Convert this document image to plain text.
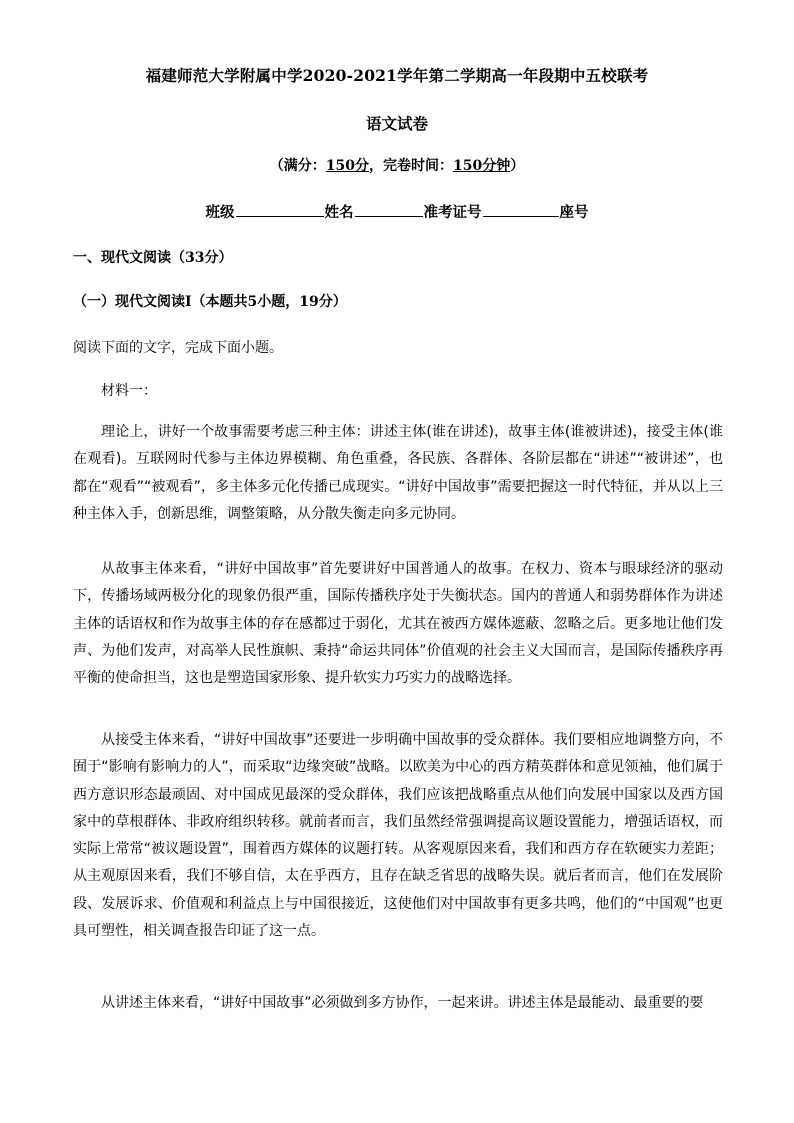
福建师范大学附属中学2020-2021学年第二学期高一年段期中五校联考
语文试卷
（满分：150分，完卷时间：150分钟）
班级	姓名	准考证号	座号
一、现代文阅读（33分）
（一）现代文阅读Ⅰ（本题共5小题，19分）
阅读下面的文字，完成下面小题。
材料一：
理论上，讲好一个故事需要考虑三种主体：讲述主体(谁在讲述)，故事主体(谁被讲述)，接受主体(谁在观看)。互联网时代参与主体边界模糊、角色重叠，各民族、各群体、各阶层都在“讲述”“被讲述”，也都在“观看”“被观看”，多主体多元化传播已成现实。“讲好中国故事”需要把握这一时代特征，并从以上三种主体入手，创新思维，调整策略，从分散失衡走向多元协同。
从故事主体来看，“讲好中国故事”首先要讲好中国普通人的故事。在权力、资本与眼球经济的驱动下，传播场域两极分化的现象仍很严重，国际传播秩序处于失衡状态。国内的普通人和弱势群体作为讲述主体的话语权和作为故事主体的存在感都过于弱化，尤其在被西方媒体遮蔽、忽略之后。更多地让他们发声、为他们发声，对高举人民性旗帜、秉持“命运共同体”价值观的社会主义大国而言，是国际传播秩序再平衡的使命担当，这也是塑造国家形象、提升软实力巧实力的战略选择。
从接受主体来看，“讲好中国故事”还要进一步明确中国故事的受众群体。我们要相应地调整方向，不囿于“影响有影响力的人”，而采取“边缘突破”战略。以欧美为中心的西方精英群体和意见领袖，他们属于西方意识形态最顽固、对中国成见最深的受众群体，我们应该把战略重点从他们向发展中国家以及西方国家中的草根群体、非政府组织转移。就前者而言，我们虽然经常强调提高议题设置能力，增强话语权，而实际上常常“被议题设置”，围着西方媒体的议题打转。从客观原因来看，我们和西方存在软硬实力差距；从主观原因来看，我们不够自信，太在乎西方，且存在缺乏省思的战略失误。就后者而言，他们在发展阶段、发展诉求、价值观和利益点上与中国很接近，这使他们对中国故事有更多共鸣，他们的“中国观”也更具可塑性，相关调查报告印证了这一点。
从讲述主体来看，“讲好中国故事”必须做到多方协作，一起来讲。讲述主体是最能动、最重要的要
